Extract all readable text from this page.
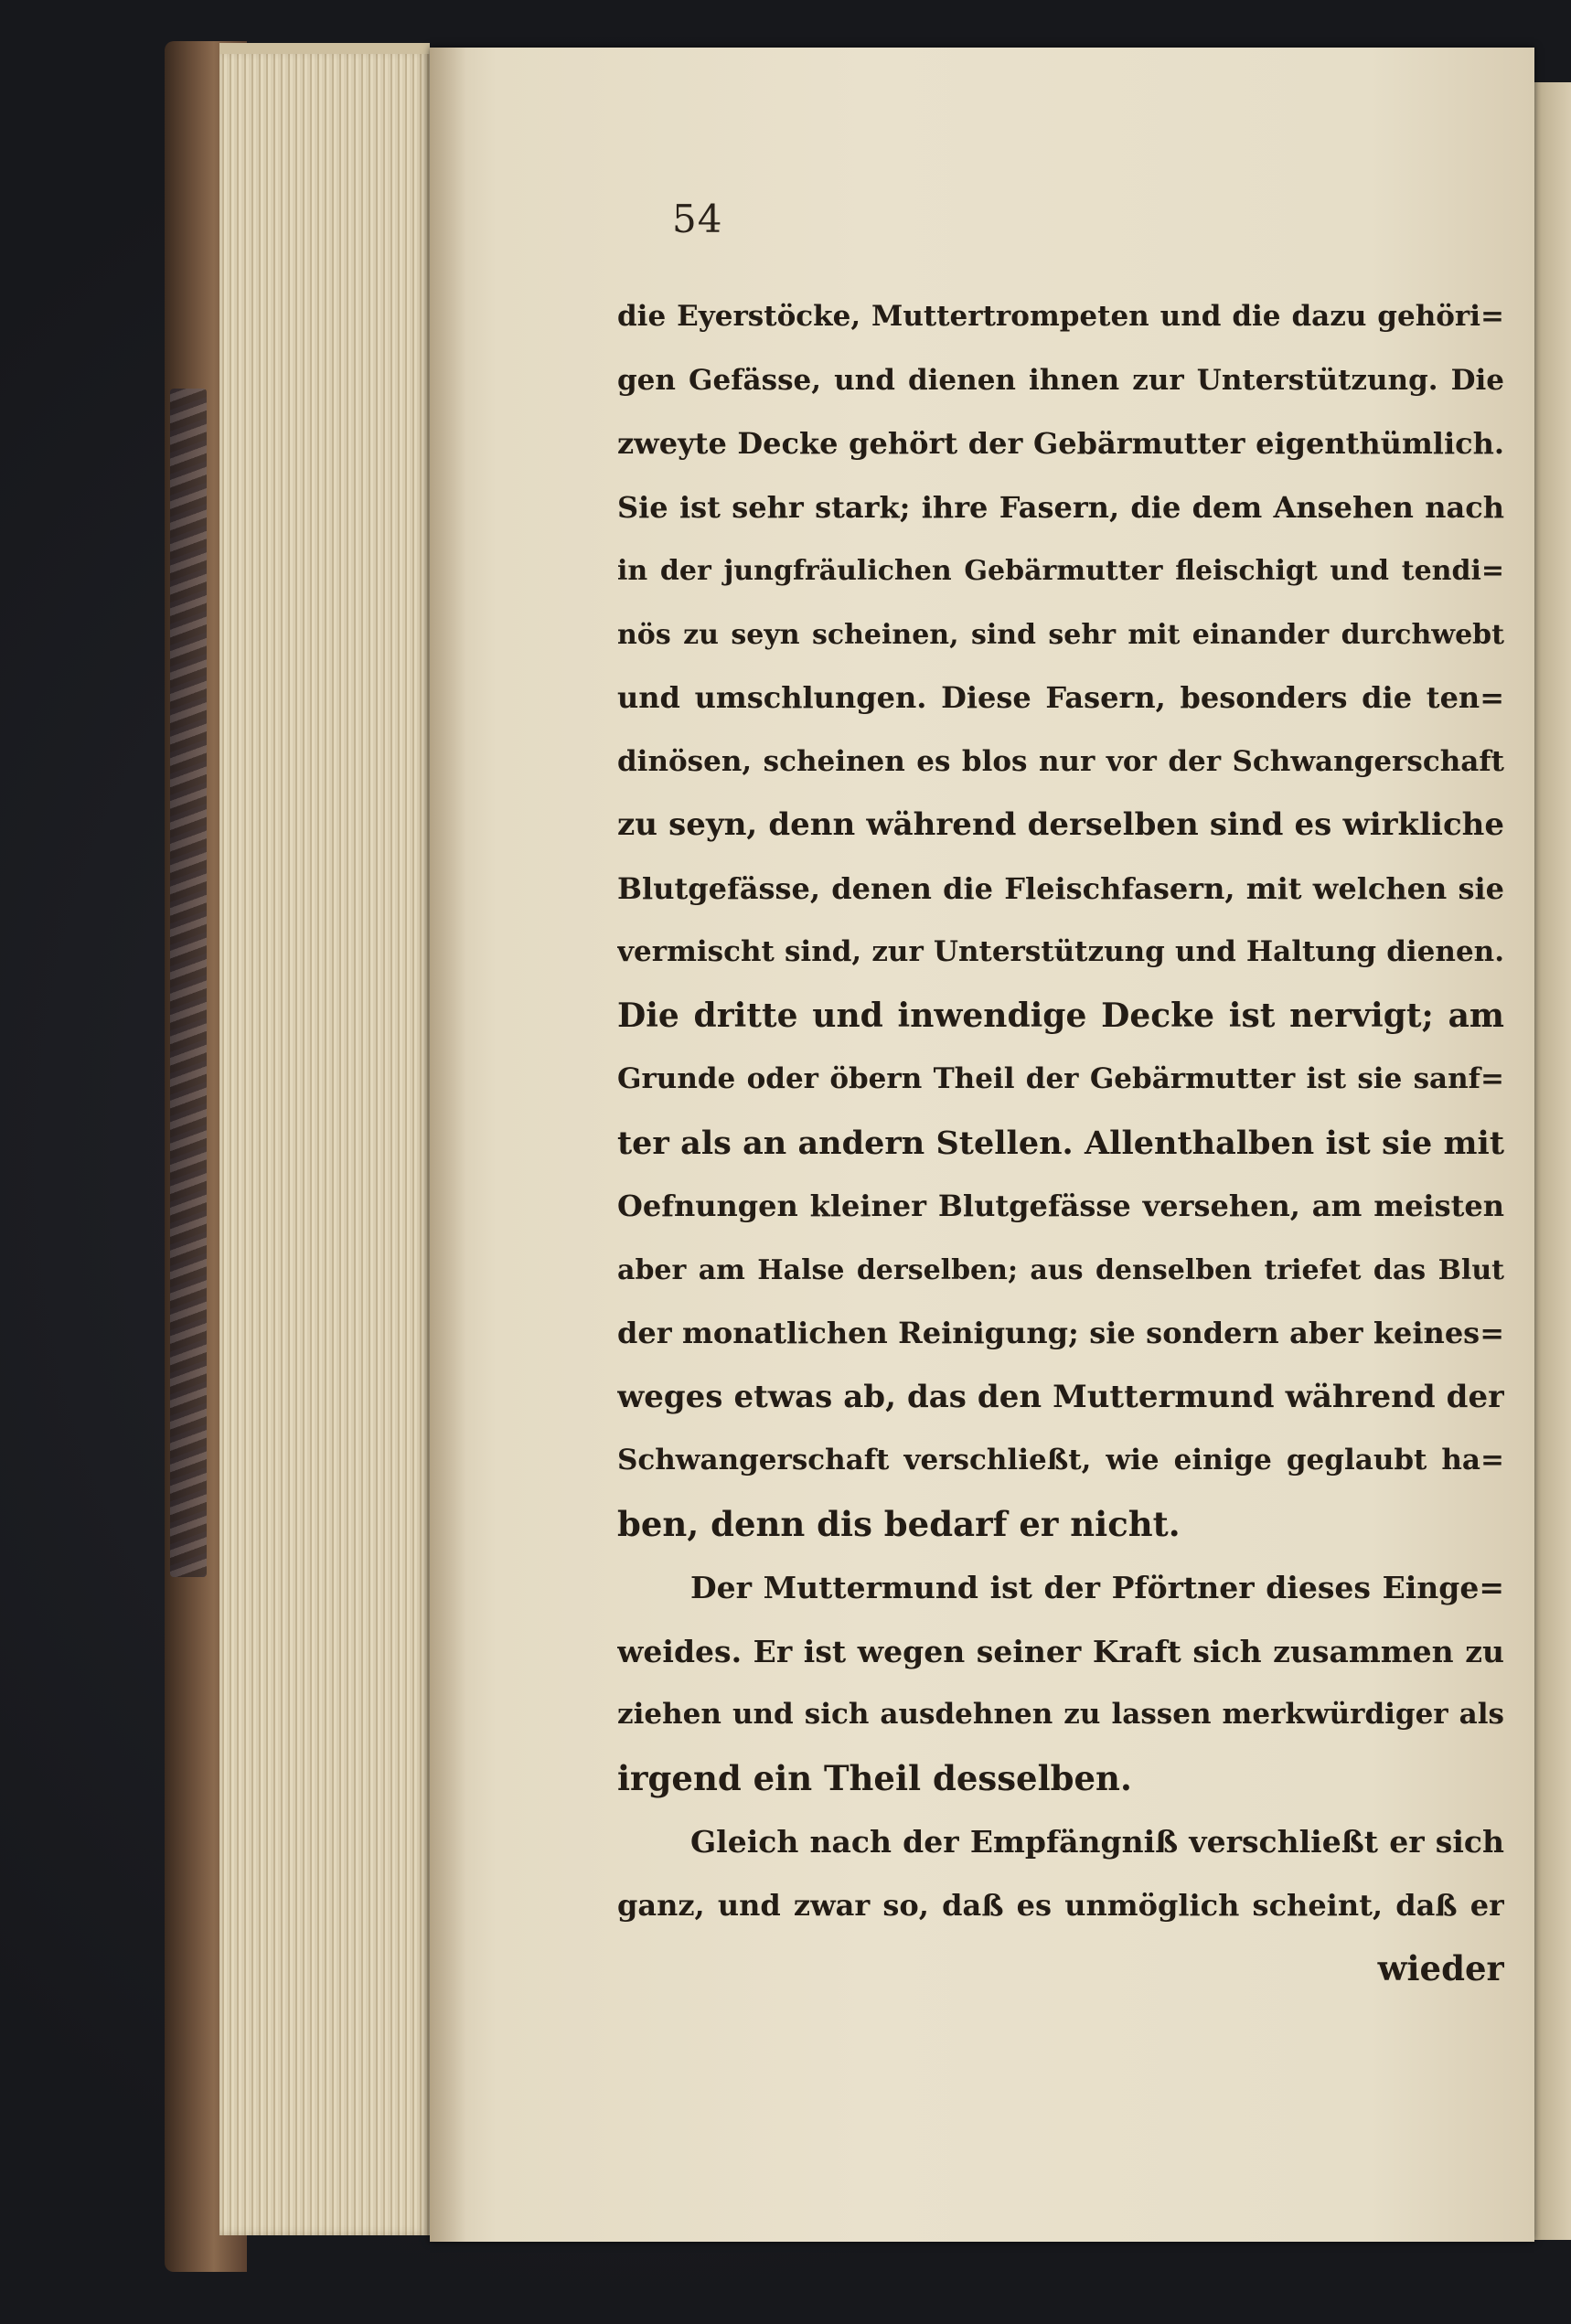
54
die Eyerstöcke, Muttertrompeten und die dazu gehöri=
gen Gefässe, und dienen ihnen zur Unterstützung. Die
zweyte Decke gehört der Gebärmutter eigenthümlich.
Sie ist sehr stark; ihre Fasern, die dem Ansehen nach
in der jungfräulichen Gebärmutter fleischigt und tendi=
nös zu seyn scheinen, sind sehr mit einander durchwebt
und umschlungen. Diese Fasern, besonders die ten=
dinösen, scheinen es blos nur vor der Schwangerschaft
zu seyn, denn während derselben sind es wirkliche
Blutgefässe, denen die Fleischfasern, mit welchen sie
vermischt sind, zur Unterstützung und Haltung dienen.
Die dritte und inwendige Decke ist nervigt; am
Grunde oder öbern Theil der Gebärmutter ist sie sanf=
ter als an andern Stellen. Allenthalben ist sie mit
Oefnungen kleiner Blutgefässe versehen, am meisten
aber am Halse derselben; aus denselben triefet das Blut
der monatlichen Reinigung; sie sondern aber keines=
weges etwas ab, das den Muttermund während der
Schwangerschaft verschließt, wie einige geglaubt ha=
ben, denn dis bedarf er nicht.
Der Muttermund ist der Pförtner dieses Einge=
weides. Er ist wegen seiner Kraft sich zusammen zu
ziehen und sich ausdehnen zu lassen merkwürdiger als
irgend ein Theil desselben.
Gleich nach der Empfängniß verschließt er sich
ganz, und zwar so, daß es unmöglich scheint, daß er
wieder
